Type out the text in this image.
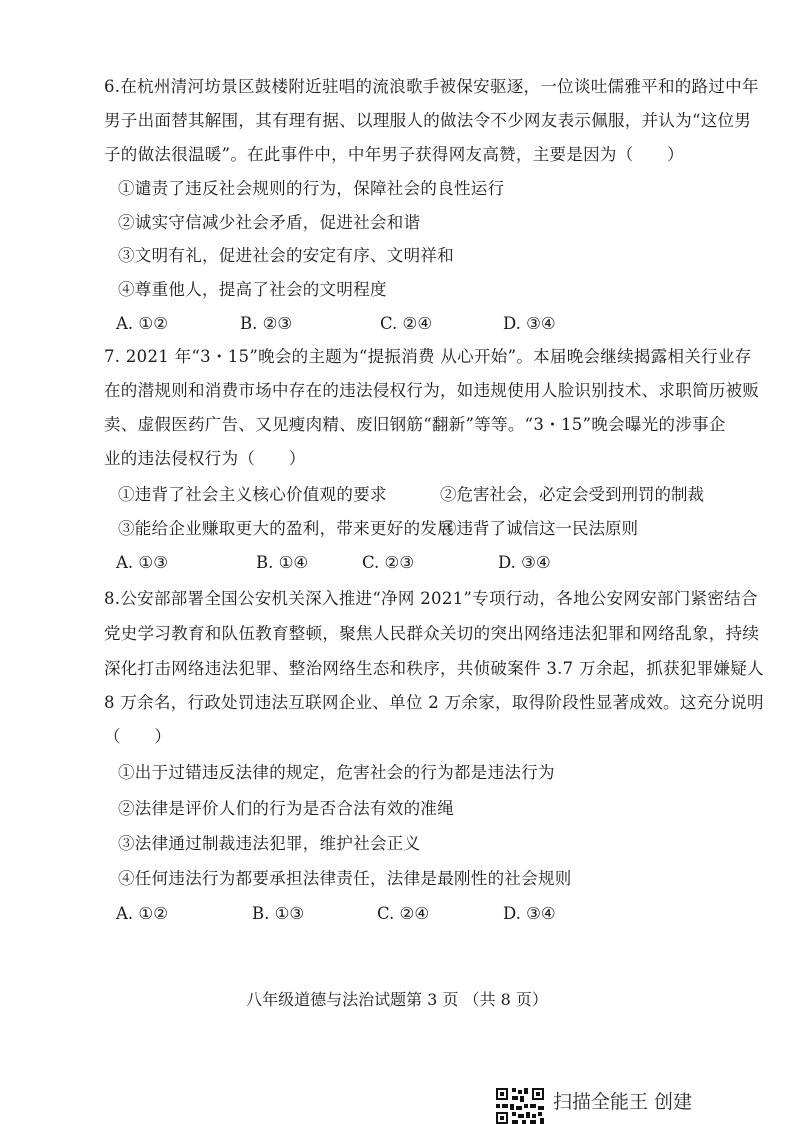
6.在杭州清河坊景区鼓楼附近驻唱的流浪歌手被保安驱逐，一位谈吐儒雅平和的路过中年
男子出面替其解围，其有理有据、以理服人的做法令不少网友表示佩服，并认为“这位男
子的做法很温暖”。在此事件中，中年男子获得网友高赞，主要是因为（　　）
①谴责了违反社会规则的行为，保障社会的良性运行
②诚实守信减少社会矛盾，促进社会和谐
③文明有礼，促进社会的安定有序、文明祥和
④尊重他人，提高了社会的文明程度
A. ①②	B. ②③	C. ②④	D. ③④
7. 2021 年“3・15”晚会的主题为“提振消费 从心开始”。本届晚会继续揭露相关行业存
在的潜规则和消费市场中存在的违法侵权行为，如违规使用人脸识别技术、求职简历被贩
卖、虚假医药广告、又见瘦肉精、废旧钢筋“翻新”等等。“3・15”晚会曝光的涉事企
业的违法侵权行为（　　）
①违背了社会主义核心价值观的要求	②危害社会，必定会受到刑罚的制裁
③能给企业赚取更大的盈利，带来更好的发展
④违背了诚信这一民法原则
A. ①③	B. ①④	C. ②③	D. ③④
8.公安部部署全国公安机关深入推进“净网 2021”专项行动，各地公安网安部门紧密结合
党史学习教育和队伍教育整顿，聚焦人民群众关切的突出网络违法犯罪和网络乱象，持续
深化打击网络违法犯罪、整治网络生态和秩序，共侦破案件 3.7 万余起，抓获犯罪嫌疑人
8 万余名，行政处罚违法互联网企业、单位 2 万余家，取得阶段性显著成效。这充分说明
（　　）
①出于过错违反法律的规定，危害社会的行为都是违法行为
②法律是评价人们的行为是否合法有效的准绳
③法律通过制裁违法犯罪，维护社会正义
④任何违法行为都要承担法律责任，法律是最刚性的社会规则
A. ①②	B. ①③	C. ②④	D. ③④
八年级道德与法治试题第 3 页 （共 8 页）
扫描全能王 创建
